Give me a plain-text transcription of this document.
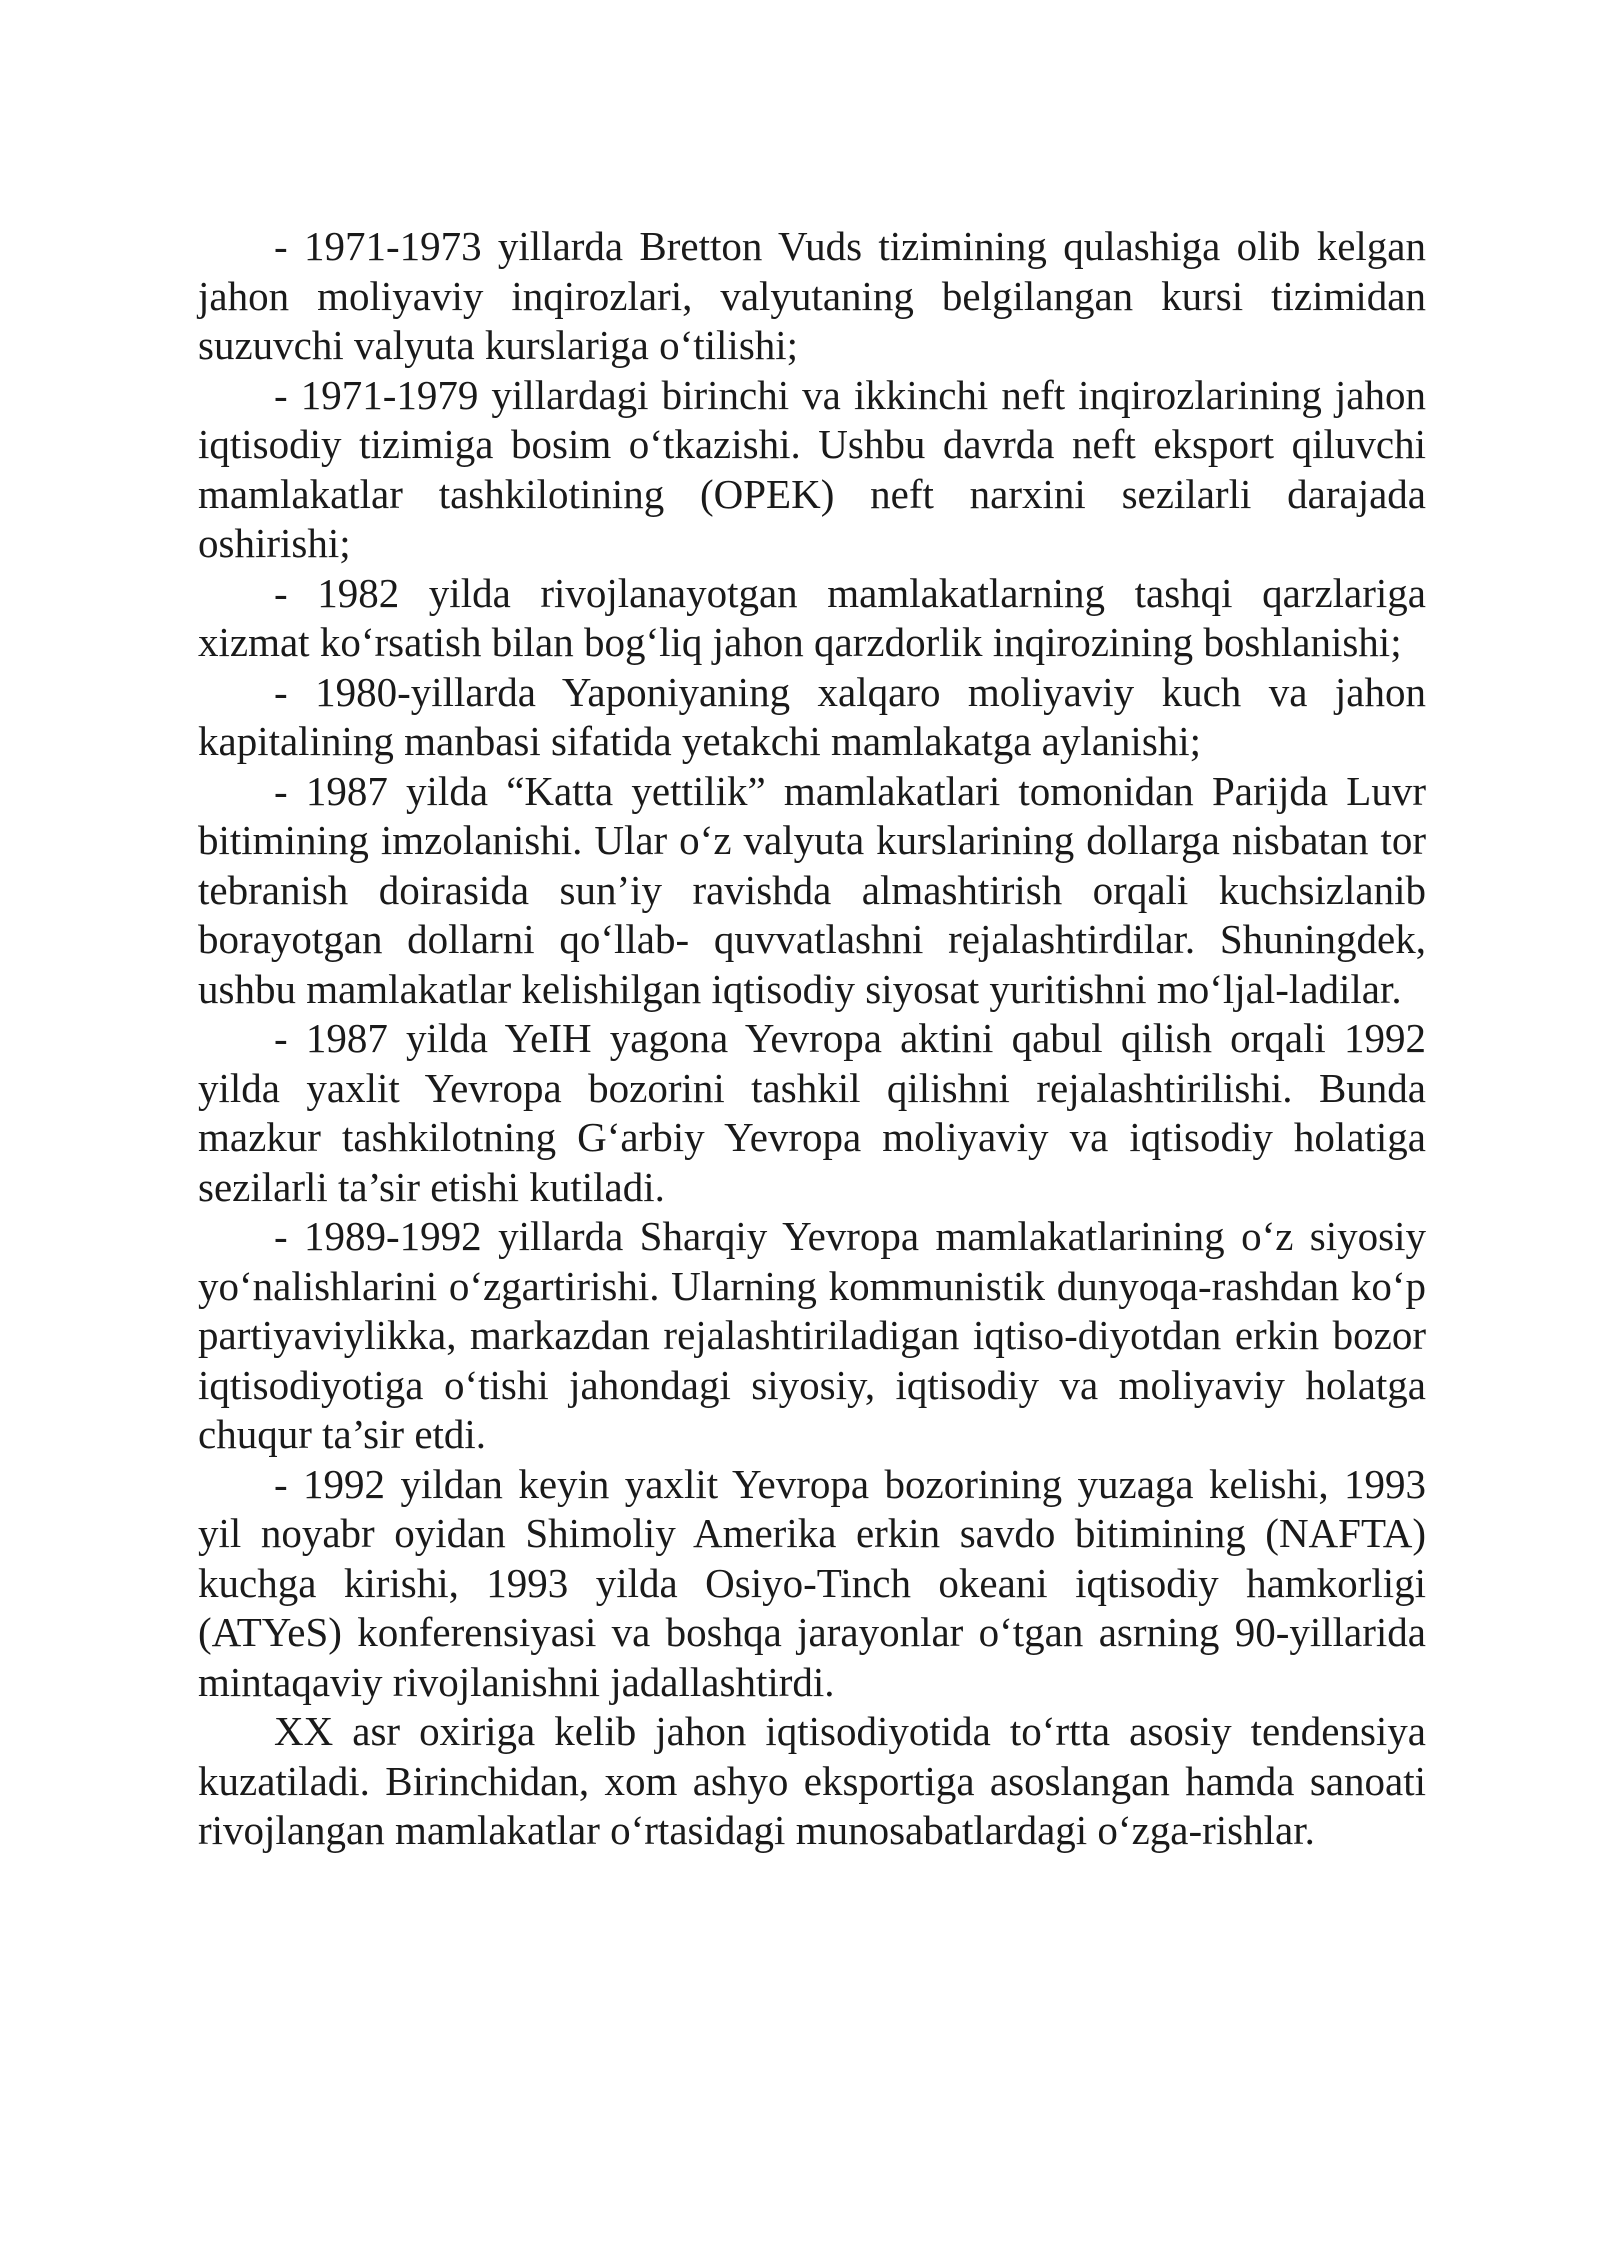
- 1971-1973 yillarda Bretton Vuds tizimining qulashiga olib kelgan jahon moliyaviy inqirozlari, valyutaning belgilangan kursi tizimidan suzuvchi valyuta kurslariga oʻtilishi;

- 1971-1979 yillardagi birinchi va ikkinchi neft inqirozlarining jahon iqtisodiy tizimiga bosim oʻtkazishi. Ushbu davrda neft eksport qiluvchi mamlakatlar tashkilotining (OPEK) neft narxini sezilarli darajada oshirishi;

- 1982 yilda rivojlanayotgan mamlakatlarning tashqi qarzlariga xizmat koʻrsatish bilan bogʻliq jahon qarzdorlik inqirozining boshlanishi;

- 1980-yillarda Yaponiyaning xalqaro moliyaviy kuch va jahon kapitalining manbasi sifatida yetakchi mamlakatga aylanishi;

- 1987 yilda “Katta yettilik” mamlakatlari tomonidan Parijda Luvr bitimining imzolanishi. Ular oʻz valyuta kurslarining dollarga nisbatan tor tebranish doirasida sun’iy ravishda almashtirish orqali kuchsizlanib borayotgan dollarni qoʻllab- quvvatlashni rejalashtirdilar. Shuningdek, ushbu mamlakatlar kelishilgan iqtisodiy siyosat yuritishni moʻljal-ladilar.

- 1987 yilda YeIH yagona Yevropa aktini qabul qilish orqali 1992 yilda yaxlit Yevropa bozorini tashkil qilishni rejalashtirilishi. Bunda mazkur tashkilotning Gʻarbiy Yevropa moliyaviy va iqtisodiy holatiga sezilarli ta’sir etishi kutiladi.

- 1989-1992 yillarda Sharqiy Yevropa mamlakatlarining oʻz siyosiy yoʻnalishlarini oʻzgartirishi. Ularning kommunistik dunyoqa-rashdan koʻp partiyaviylikka, markazdan rejalashtiriladigan iqtiso-diyotdan erkin bozor iqtisodiyotiga oʻtishi jahondagi siyosiy, iqtisodiy va moliyaviy holatga chuqur ta’sir etdi.

- 1992 yildan keyin yaxlit Yevropa bozorining yuzaga kelishi, 1993 yil noyabr oyidan Shimoliy Amerika erkin savdo bitimining (NAFTA) kuchga kirishi, 1993 yilda Osiyo-Tinch okeani iqtisodiy hamkorligi (ATYeS) konferensiyasi va boshqa jarayonlar oʻtgan asrning 90-yillarida mintaqaviy rivojlanishni jadallashtirdi.

XX asr oxiriga kelib jahon iqtisodiyotida toʻrtta asosiy tendensiya kuzatiladi. Birinchidan, xom ashyo eksportiga asoslangan hamda sanoati rivojlangan mamlakatlar oʻrtasidagi munosabatlardagi oʻzga-rishlar.
